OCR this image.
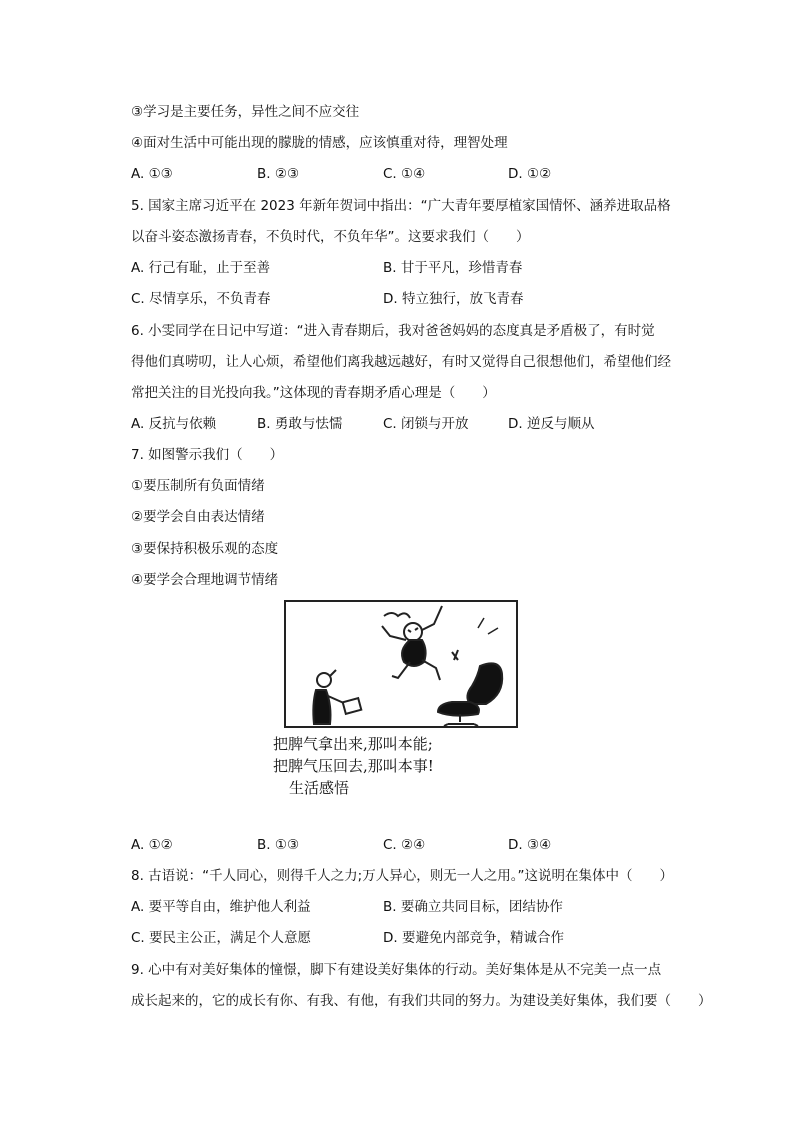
③学习是主要任务，异性之间不应交往
④面对生活中可能出现的朦胧的情感，应该慎重对待，理智处理
A. ①③	B. ②③	C. ①④	D. ①②
5. 国家主席习近平在 2023 年新年贺词中指出：“广大青年要厚植家国情怀、涵养进取品格
以奋斗姿态激扬青春，不负时代，不负年华”。这要求我们（　　）
A. 行己有耻，止于至善	B. 甘于平凡，珍惜青春
C. 尽情享乐，不负青春	D. 特立独行，放飞青春
6. 小雯同学在日记中写道：“进入青春期后，我对爸爸妈妈的态度真是矛盾极了，有时觉
得他们真唠叨，让人心烦，希望他们离我越远越好，有时又觉得自己很想他们，希望他们经
常把关注的目光投向我。”这体现的青春期矛盾心理是（　　）
A. 反抗与依赖	B. 勇敢与怯懦	C. 闭锁与开放	D. 逆反与顺从
7. 如图警示我们（　　）
①要压制所有负面情绪
②要学会自由表达情绪
③要保持积极乐观的态度
④要学会合理地调节情绪
把脾气拿出来,那叫本能;
把脾气压回去,那叫本事!
生活感悟
A. ①②	B. ①③	C. ②④	D. ③④
8. 古语说：“千人同心，则得千人之力;万人异心，则无一人之用。”这说明在集体中（　　）
A. 要平等自由，维护他人利益	B. 要确立共同目标，团结协作
C. 要民主公正，满足个人意愿	D. 要避免内部竞争，精诚合作
9. 心中有对美好集体的憧憬，脚下有建设美好集体的行动。美好集体是从不完美一点一点
成长起来的，它的成长有你、有我、有他，有我们共同的努力。为建设美好集体，我们要（　　）
